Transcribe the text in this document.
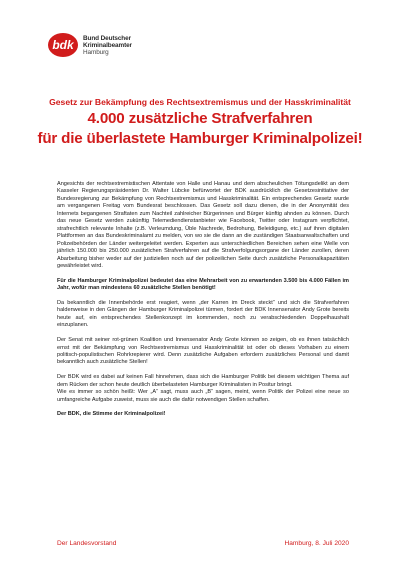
bdk Bund Deutscher
Kriminalbeamter
Hamburg
Gesetz zur Bekämpfung des Rechtsextremismus und der Hasskriminalität
4.000 zusätzliche Strafverfahren
für die überlastete Hamburger Kriminalpolizei!

Angesichts der rechtsextremistischen Attentate von Halle und Hanau und dem abscheulichen Tötungsdelikt an dem Kasseler Regierungspräsidenten Dr. Walter Lübcke befürwortet der BDK ausdrücklich die Gesetzesinitiative der Bundesregierung zur Bekämpfung von Rechtsextremismus und Hasskriminalität. Ein entsprechendes Gesetz wurde am vergangenen Freitag vom Bundesrat beschlossen. Das Gesetz soll dazu dienen, die in der Anonymität des Internets begangenen Straftaten zum Nachteil zahlreicher Bürgerinnen und Bürger künftig ahnden zu können. Durch das neue Gesetz werden zukünftig Telemediendienstanbieter wie Facebook, Twitter oder Instagram verpflichtet, strafrechtlich relevante Inhalte (z.B. Verleumdung, Üble Nachrede, Bedrohung, Beleidigung, etc.) auf ihren digitalen Plattformen an das Bundeskriminalamt zu melden, von wo sie die dann an die zuständigen Staatsanwaltschaften und Polizeibehörden der Länder weitergeleitet werden. Experten aus unterschiedlichen Bereichen sehen eine Welle von jährlich 150.000 bis 250.000 zusätzlichen Strafverfahren auf die Strafverfolgungsorgane der Länder zurollen, deren Abarbeitung bisher weder auf der justiziellen noch auf der polizeilichen Seite durch zusätzliche Personalkapazitäten gewährleistet wird.

Für die Hamburger Kriminalpolizei bedeutet das eine Mehrarbeit von zu erwartenden 3.500 bis 4.000 Fällen im Jahr, wofür man mindestens 60 zusätzliche Stellen benötigt!

Da bekanntlich die Innenbehörde erst reagiert, wenn „der Karren im Dreck steckt“ und sich die Strafverfahren haldenweise in den Gängen der Hamburger Kriminalpolizei türmen, fordert der BDK Innensenator Andy Grote bereits heute auf, ein entsprechendes Stellenkonzept im kommenden, noch zu verabschiedenden Doppelhaushalt einzuplanen.

Der Senat mit seiner rot-grünen Koalition und Innensenator Andy Grote können so zeigen, ob es ihnen tatsächlich ernst mit der Bekämpfung von Rechtsextremismus und Hasskriminalität ist oder ob dieses Vorhaben zu einem politisch-populistischen Rohrkrepierer wird. Denn zusätzliche Aufgaben erfordern zusätzliches Personal und damit bekanntlich auch zusätzliche Stellen!

Der BDK wird es dabei auf keinen Fall hinnehmen, dass sich die Hamburger Politik bei diesem wichtigen Thema auf dem Rücken der schon heute deutlich überbelasteten Hamburger Kriminalisten in Positur bringt.

Wie es immer so schön heißt: Wer „A“ sagt, muss auch „B“ sagen, meint, wenn Politik der Polizei eine neue so umfangreiche Aufgabe zuweist, muss sie auch die dafür notwendigen Stellen schaffen.

Der BDK, die Stimme der Kriminalpolizei!

Der Landesvorstand	Hamburg, 8. Juli 2020
